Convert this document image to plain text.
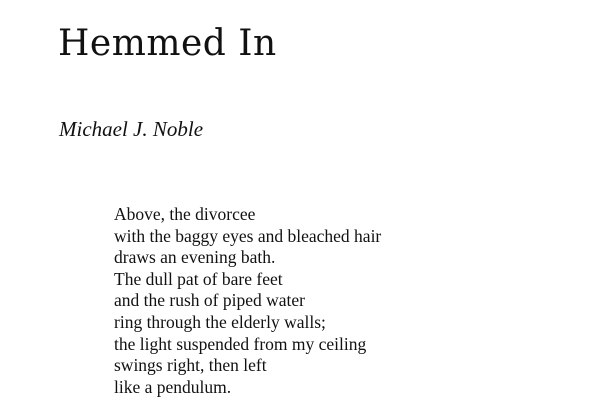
Hemmed In

Michael J. Noble

Above, the divorcee
with the baggy eyes and bleached hair
draws an evening bath.
The dull pat of bare feet
and the rush of piped water
ring through the elderly walls;
the light suspended from my ceiling
swings right, then left
like a pendulum.
